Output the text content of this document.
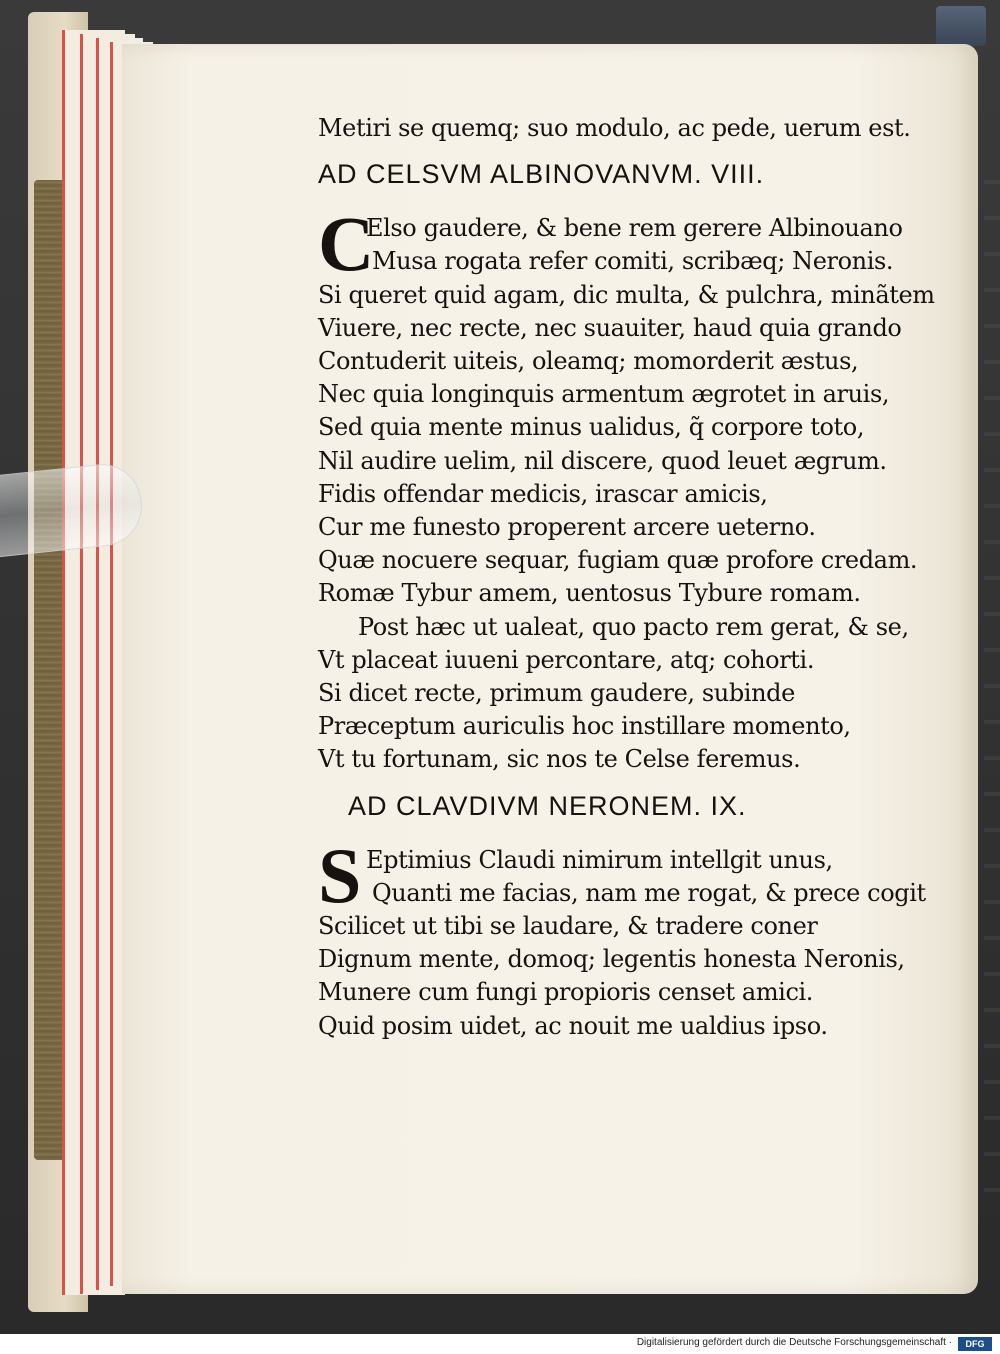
Metiri se quemq; suo modulo, ac pede, uerum est.
AD CELSVM ALBINOVANVM. VIII.
C
Elso gaudere, & bene rem gerere Albinouano
Musa rogata refer comiti, scribæq; Neronis.
Si queret quid agam, dic multa, & pulchra, minãtem
Viuere, nec recte, nec suauiter, haud quia grando
Contuderit uiteis, oleamq; momorderit æstus,
Nec quia longinquis armentum ægrotet in aruis,
Sed quia mente minus ualidus, q̃ corpore toto,
Nil audire uelim, nil discere, quod leuet ægrum.
Fidis offendar medicis, irascar amicis,
Cur me funesto properent arcere ueterno.
Quæ nocuere sequar, fugiam quæ profore credam.
Romæ Tybur amem, uentosus Tybure romam.
Post hæc ut ualeat, quo pacto rem gerat, & se,
Vt placeat iuueni percontare, atq; cohorti.
Si dicet recte, primum gaudere, subinde
Præceptum auriculis hoc instillare momento,
Vt tu fortunam, sic nos te Celse feremus.
AD CLAVDIVM NERONEM. IX.
S Eptimius Claudi nimirum intellgit unus,
Quanti me facias, nam me rogat, & prece cogit
Scilicet ut tibi se laudare, & tradere coner
Dignum mente, domoq; legentis honesta Neronis,
Munere cum fungi propioris censet amici.
Quid posim uidet, ac nouit me ualdius ipso.
Digitalisierung gefördert durch die Deutsche Forschungsgemeinschaft ·	DFG
